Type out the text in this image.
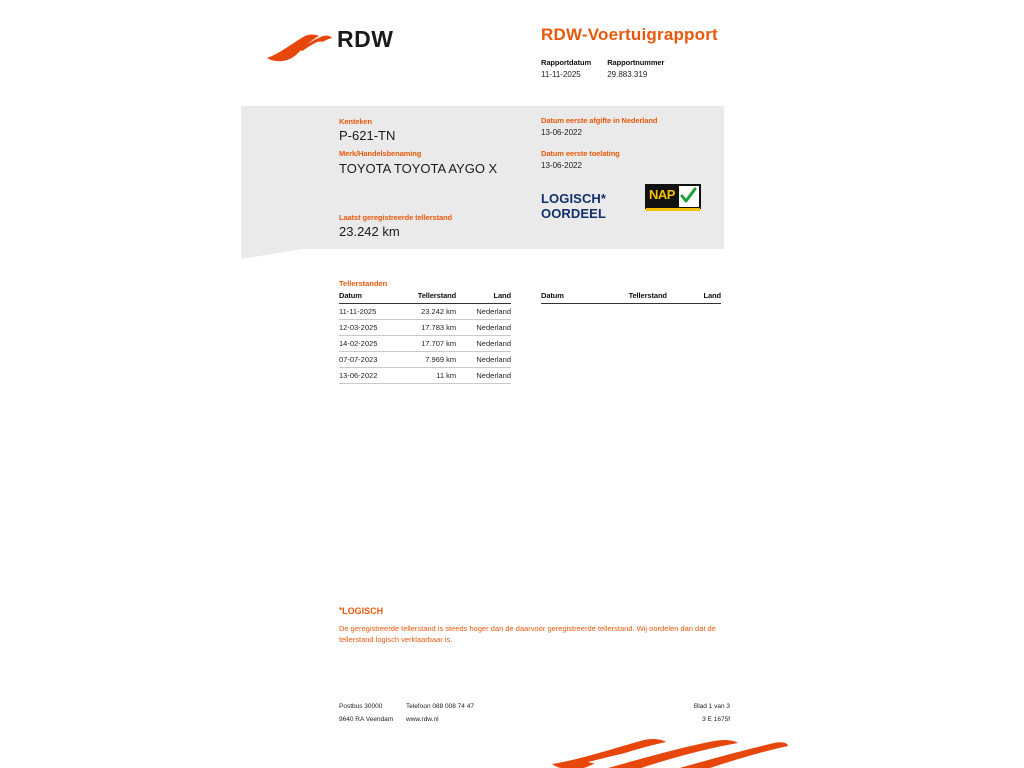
RDW	RDW-Voertuigrapport
Rapportdatum
11-11-2025

Rapportnummer
29.883.319
Kenteken
P-621-TN
Merk/Handelsbenaming
TOYOTA TOYOTA AYGO X
Laatst geregistreerde tellerstand
23.242 km
Datum eerste afgifte in Nederland
13-06-2022
Datum eerste toelating
13-06-2022
LOGISCH*
OORDEEL
NAP
Tellerstanden
Datum	Tellerstand	Land
11-11-2025	23.242 km	Nederland
12-03-2025	17.783 km	Nederland
14-02-2025	17.707 km	Nederland
07-07-2023	7.969 km	Nederland
13-06-2022	11 km	Nederland
Datum	Tellerstand	Land
*LOGISCH
De geregistreerde tellerstand is steeds hoger dan de daarvoor geregistreerde tellerstand. Wij oordelen dan dat de tellerstand logisch verklaarbaar is.
Postbus 30000	Telefoon 088 008 74 47
9640 RA Veendam www.rdw.nl
Blad 1 van 3
3 E 1675f
